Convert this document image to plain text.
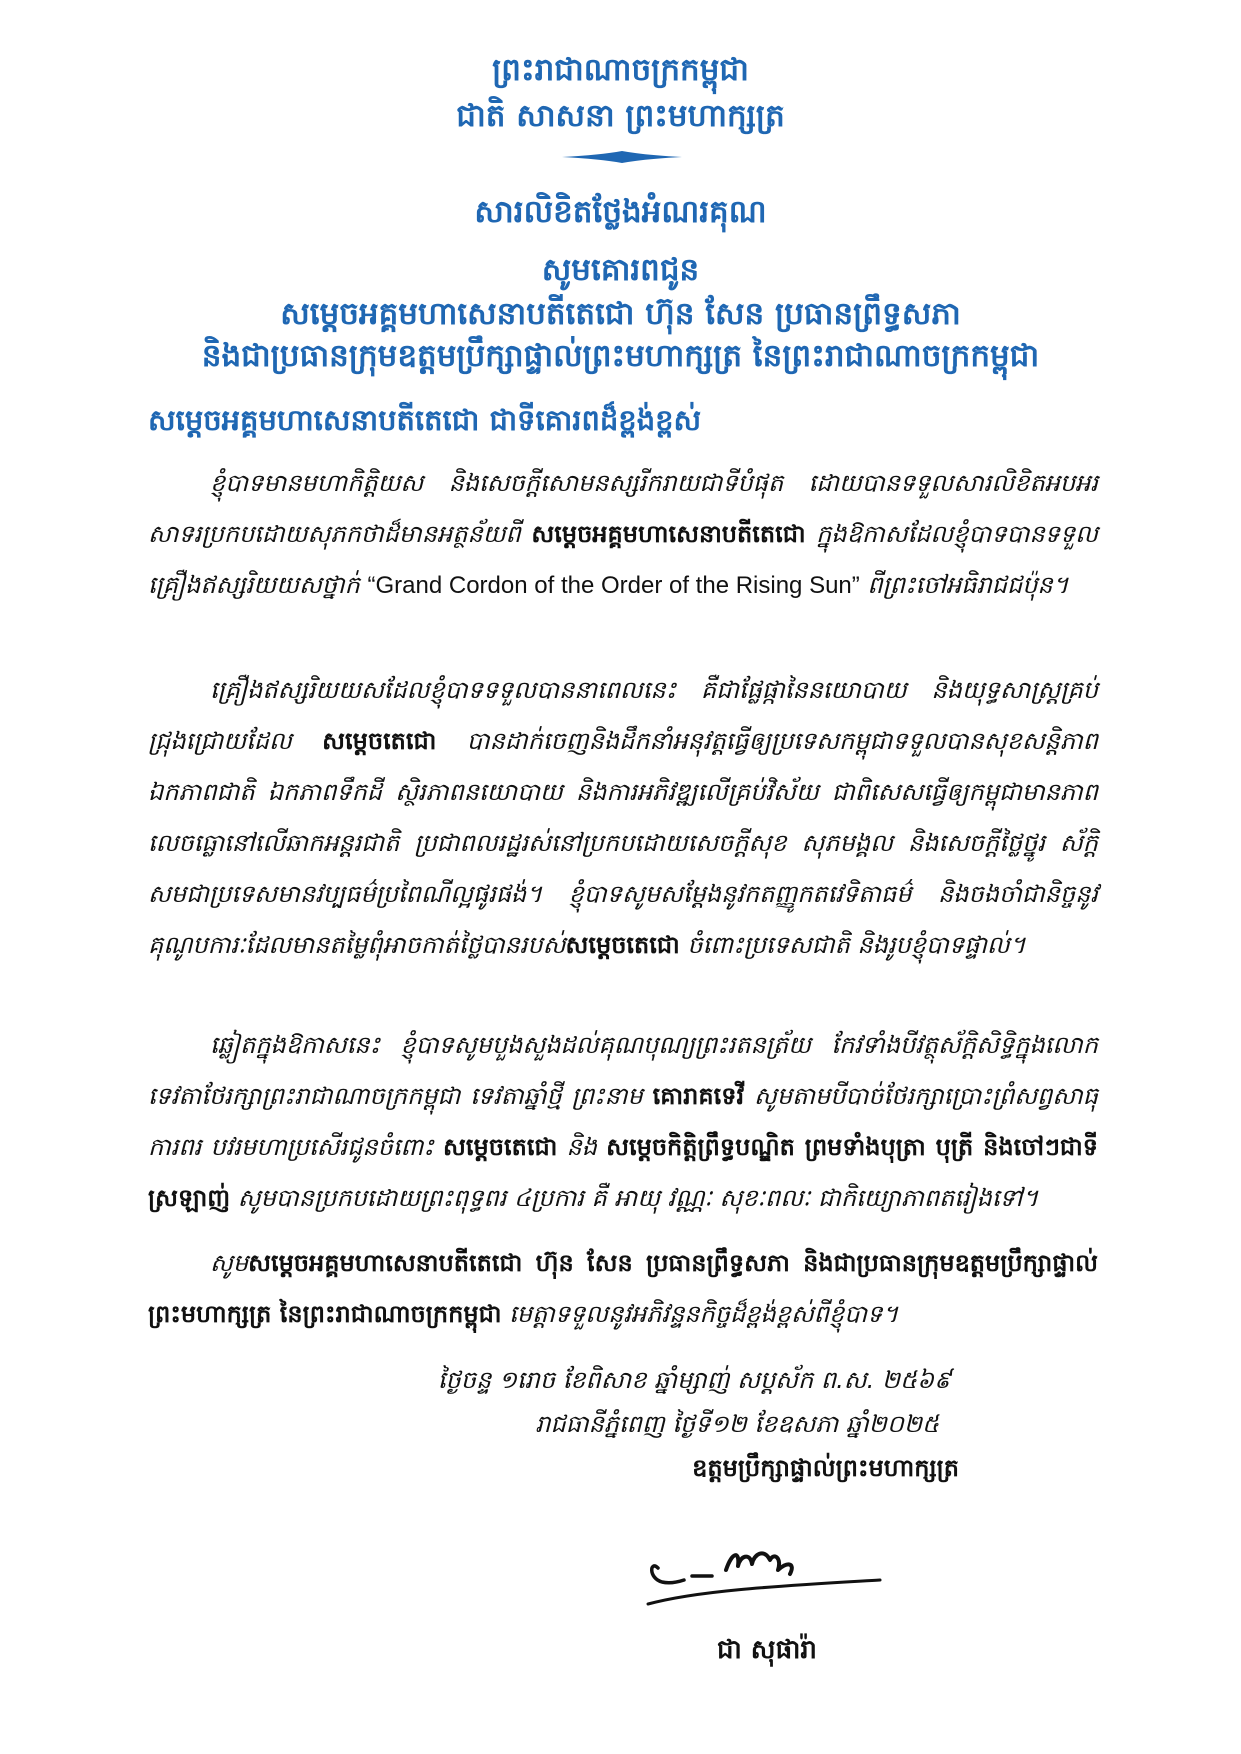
ព្រះរាជាណាចក្រកម្ពុជា
ជាតិ សាសនា ព្រះមហាក្សត្រ
សារលិខិតថ្លែងអំណរគុណ
សូមគោរពជូន
សម្តេចអគ្គមហាសេនាបតីតេជោ ហ៊ុន សែន ប្រធានព្រឹទ្ធសភា
និងជាប្រធានក្រុមឧត្តមប្រឹក្សាផ្ទាល់ព្រះមហាក្សត្រ នៃព្រះរាជាណាចក្រកម្ពុជា
សម្តេចអគ្គមហាសេនាបតីតេជោ ជាទីគោរពដ៏ខ្ពង់ខ្ពស់

ខ្ញុំបាទមានមហាកិត្តិយស និងសេចក្តីសោមនស្សរីករាយជាទីបំផុត ដោយបានទទួលសារលិខិតអបអរសាទរប្រកបដោយសុភកថាដ៏មានអត្ថន័យពី សម្តេចអគ្គមហាសេនាបតីតេជោ ក្នុងឱកាសដែលខ្ញុំបាទបានទទួលគ្រឿងឥស្សរិយយសថ្នាក់ “Grand Cordon of the Order of the Rising Sun” ពីព្រះចៅអធិរាជជប៉ុន។

គ្រឿងឥស្សរិយយសដែលខ្ញុំបាទទទួលបាននាពេលនេះ គឺជាផ្លែផ្កានៃនយោបាយ និងយុទ្ធសាស្ត្រគ្រប់ជ្រុងជ្រោយដែល សម្តេចតេជោ បានដាក់ចេញនិងដឹកនាំអនុវត្តធ្វើឲ្យប្រទេសកម្ពុជាទទួលបានសុខសន្តិភាព ឯកភាពជាតិ ឯកភាពទឹកដី ស្ថិរភាពនយោបាយ និងការអភិវឌ្ឍលើគ្រប់វិស័យ ជាពិសេសធ្វើឲ្យកម្ពុជាមានភាពលេចធ្លោនៅលើឆាកអន្តរជាតិ ប្រជាពលរដ្ឋរស់នៅប្រកបដោយសេចក្តីសុខ សុភមង្គល និងសេចក្តីថ្លៃថ្នូរ ស័ក្តិសមជាប្រទេសមានវប្បធម៌ប្រពៃណីល្អផូរផង់។ ខ្ញុំបាទសូមសម្តែងនូវកតញ្ញូកតវេទិតាធម៌ និងចងចាំជានិច្ចនូវគុណូបការៈដែលមានតម្លៃពុំអាចកាត់ថ្លៃបានរបស់សម្តេចតេជោ ចំពោះប្រទេសជាតិ និងរូបខ្ញុំបាទផ្ទាល់។

ឆ្លៀតក្នុងឱកាសនេះ ខ្ញុំបាទសូមបួងសួងដល់គុណបុណ្យព្រះរតនត្រ័យ កែវទាំងបីវត្ថុស័ក្តិសិទ្ធិក្នុងលោក ទេវតាថែរក្សាព្រះរាជាណាចក្រកម្ពុជា ទេវតាឆ្នាំថ្មី ព្រះនាម គោរាគទេវី សូមតាមបីបាច់ថែរក្សាប្រោះព្រំសព្វសាធុការពរ បវរមហាប្រសើរជូនចំពោះ សម្តេចតេជោ និង សម្តេចកិត្តិព្រឹទ្ធបណ្ឌិត ព្រមទាំងបុត្រា បុត្រី និងចៅៗជាទីស្រឡាញ់ សូមបានប្រកបដោយព្រះពុទ្ធពរ ៤ប្រការ គឺ អាយុ វណ្ណៈ សុខៈពលៈ ជាកិយ្យោភាពតរៀងទៅ។

សូមសម្តេចអគ្គមហាសេនាបតីតេជោ ហ៊ុន សែន ប្រធានព្រឹទ្ធសភា និងជាប្រធានក្រុមឧត្តមប្រឹក្សាផ្ទាល់ព្រះមហាក្សត្រ នៃព្រះរាជាណាចក្រកម្ពុជា មេត្តាទទួលនូវអភិវន្ទនកិច្ចដ៏ខ្ពង់ខ្ពស់ពីខ្ញុំបាទ។

ថ្ងៃចន្ទ ១រោច ខែពិសាខ ឆ្នាំម្សាញ់ សប្តស័ក ព.ស. ២៥៦៩
រាជធានីភ្នំពេញ ថ្ងៃទី១២ ខែឧសភា ឆ្នាំ២០២៥
ឧត្តមប្រឹក្សាផ្ទាល់ព្រះមហាក្សត្រ
ជា សុផារ៉ា
